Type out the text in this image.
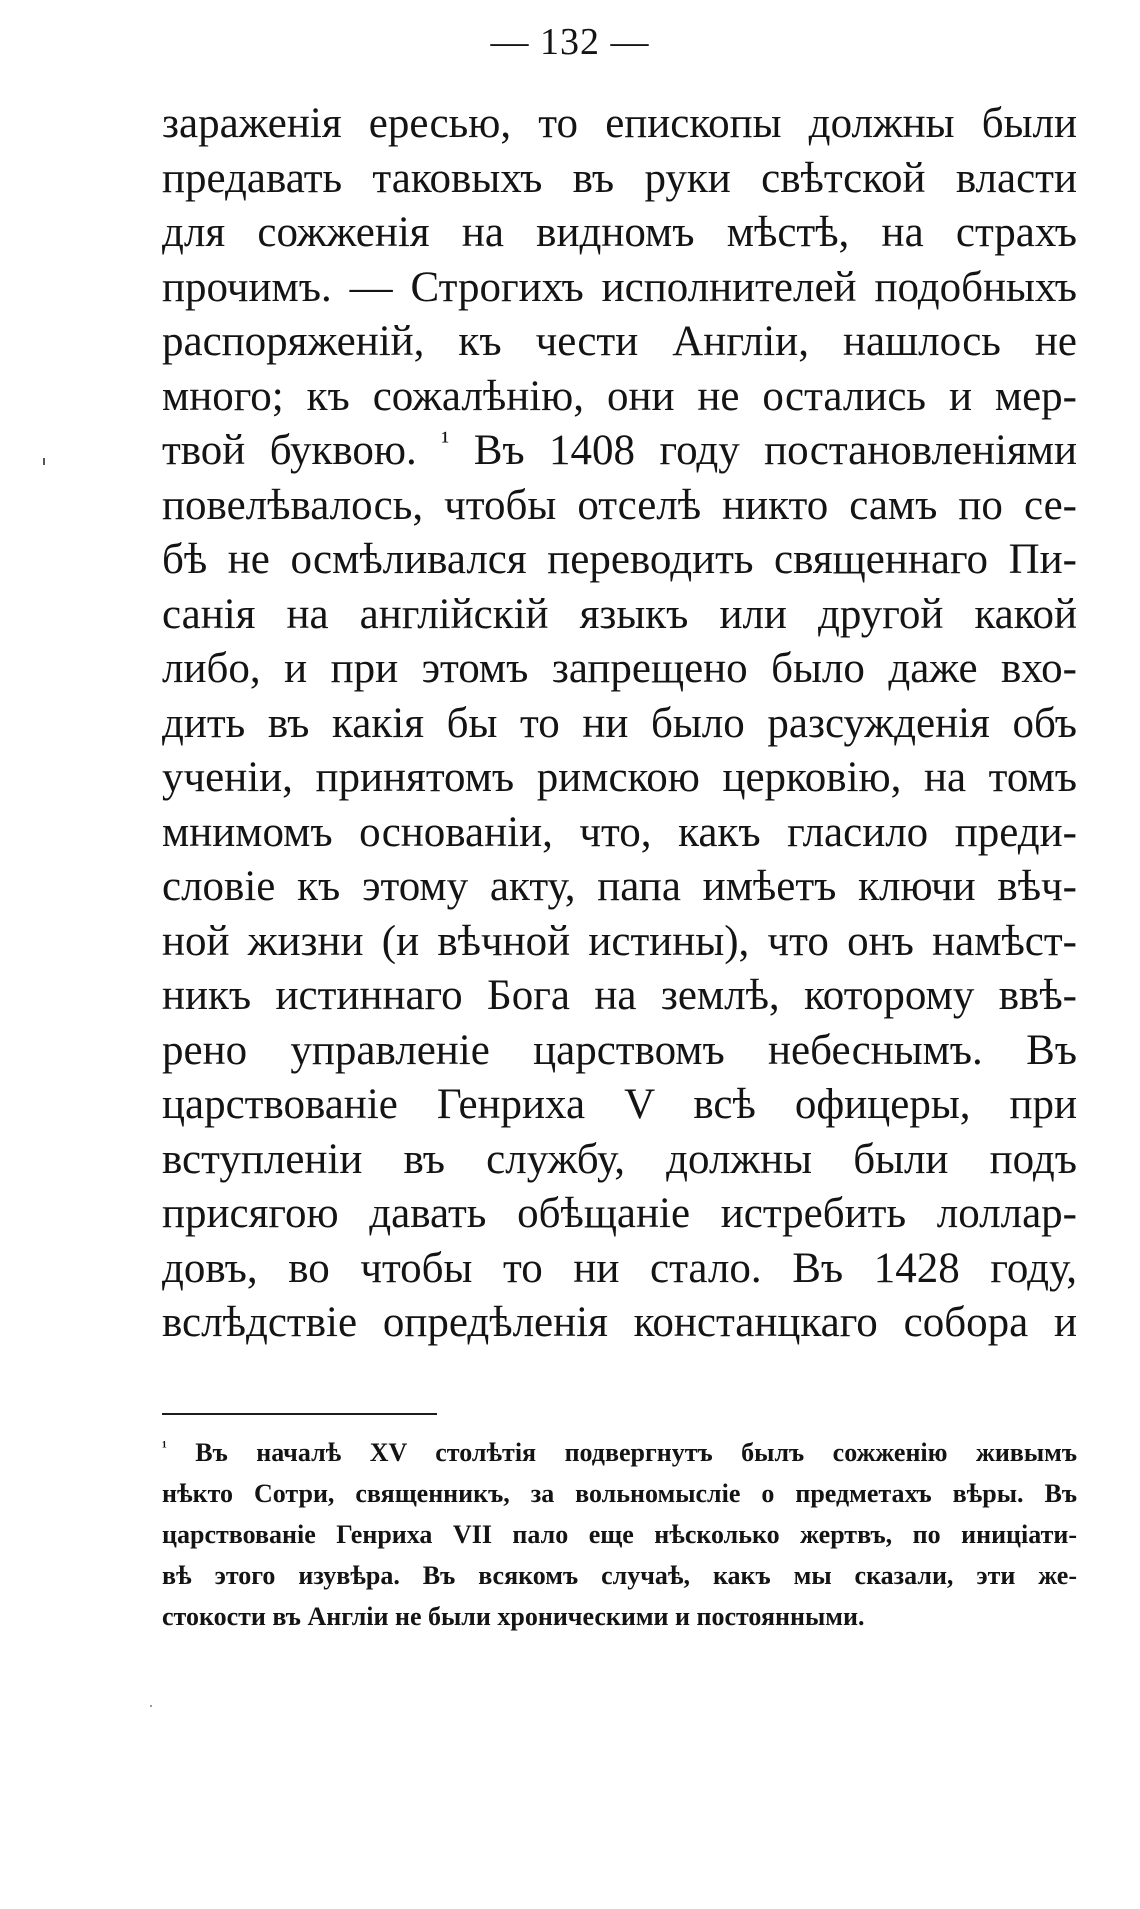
— 132 —
зараженія ересью, то епископы должны были
предавать таковыхъ въ руки свѣтской власти
для сожженія на видномъ мѣстѣ, на страхъ
прочимъ. — Строгихъ исполнителей подобныхъ
распоряженій, къ чести Англіи, нашлось не
много; къ сожалѣнію, они не остались и мер-
твой буквою. $^{^1}$ Въ 1408 году постановленіями
повелѣвалось, чтобы отселѣ никто самъ по се-
бѣ не осмѣливался переводить священнаго Пи-
санія на англійскій языкъ или другой какой
либо, и при этомъ запрещено было даже вхо-
дить въ какія бы то ни было разсужденія объ
ученіи, принятомъ римскою церковію, на томъ
мнимомъ основаніи, что, какъ гласило преди-
словіе къ этому акту, папа имѣетъ ключи вѣч-
ной жизни (и вѣчной истины), что онъ намѣст-
никъ истиннаго Бога на землѣ, которому ввѣ-
рено управленіе царствомъ небеснымъ. Въ
царствованіе Генриха V всѣ офицеры, при
вступленіи въ службу, должны были подъ
присягою давать обѣщаніе истребить лоллар-
довъ, во чтобы то ни стало. Въ 1428 году,
вслѣдствіе опредѣленія констанцкаго собора и
$^{^1}$ Въ началѣ XV столѣтія подвергнутъ былъ сожженію живымъ
нѣкто Сотри, священникъ, за вольномысліе о предметахъ вѣры. Въ
царствованіе Генриха VII пало еще нѣсколько жертвъ, по иниціати-
вѣ этого изувѣра. Въ всякомъ случаѣ, какъ мы сказали, эти же-
стокости въ Англіи не были хроническими и постоянными.
